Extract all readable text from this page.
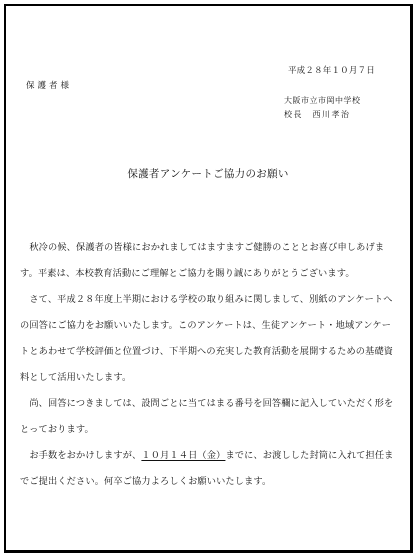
平成２８年１０月７日
保護者様
大阪市立市岡中学校
校長　西川孝治
保護者アンケートご協力のお願い

　秋冷の候、保護者の皆様におかれましてはますますご健勝のこととお喜び申しあげま

す。平素は、本校教育活動にご理解とご協力を賜り誠にありがとうございます。

　さて、平成２８年度上半期における学校の取り組みに関しまして、別紙のアンケートへ

の回答にご協力をお願いいたします。このアンケートは、生徒アンケート・地域アンケー

トとあわせて学校評価と位置づけ、下半期への充実した教育活動を展開するための基礎資

料として活用いたします。

　尚、回答につきましては、設問ごとに当てはまる番号を回答欄に記入していただく形を

とっております。

　お手数をおかけしますが、１０月１４日（金）までに、お渡しした封筒に入れて担任ま

でご提出ください。何卒ご協力よろしくお願いいたします。
